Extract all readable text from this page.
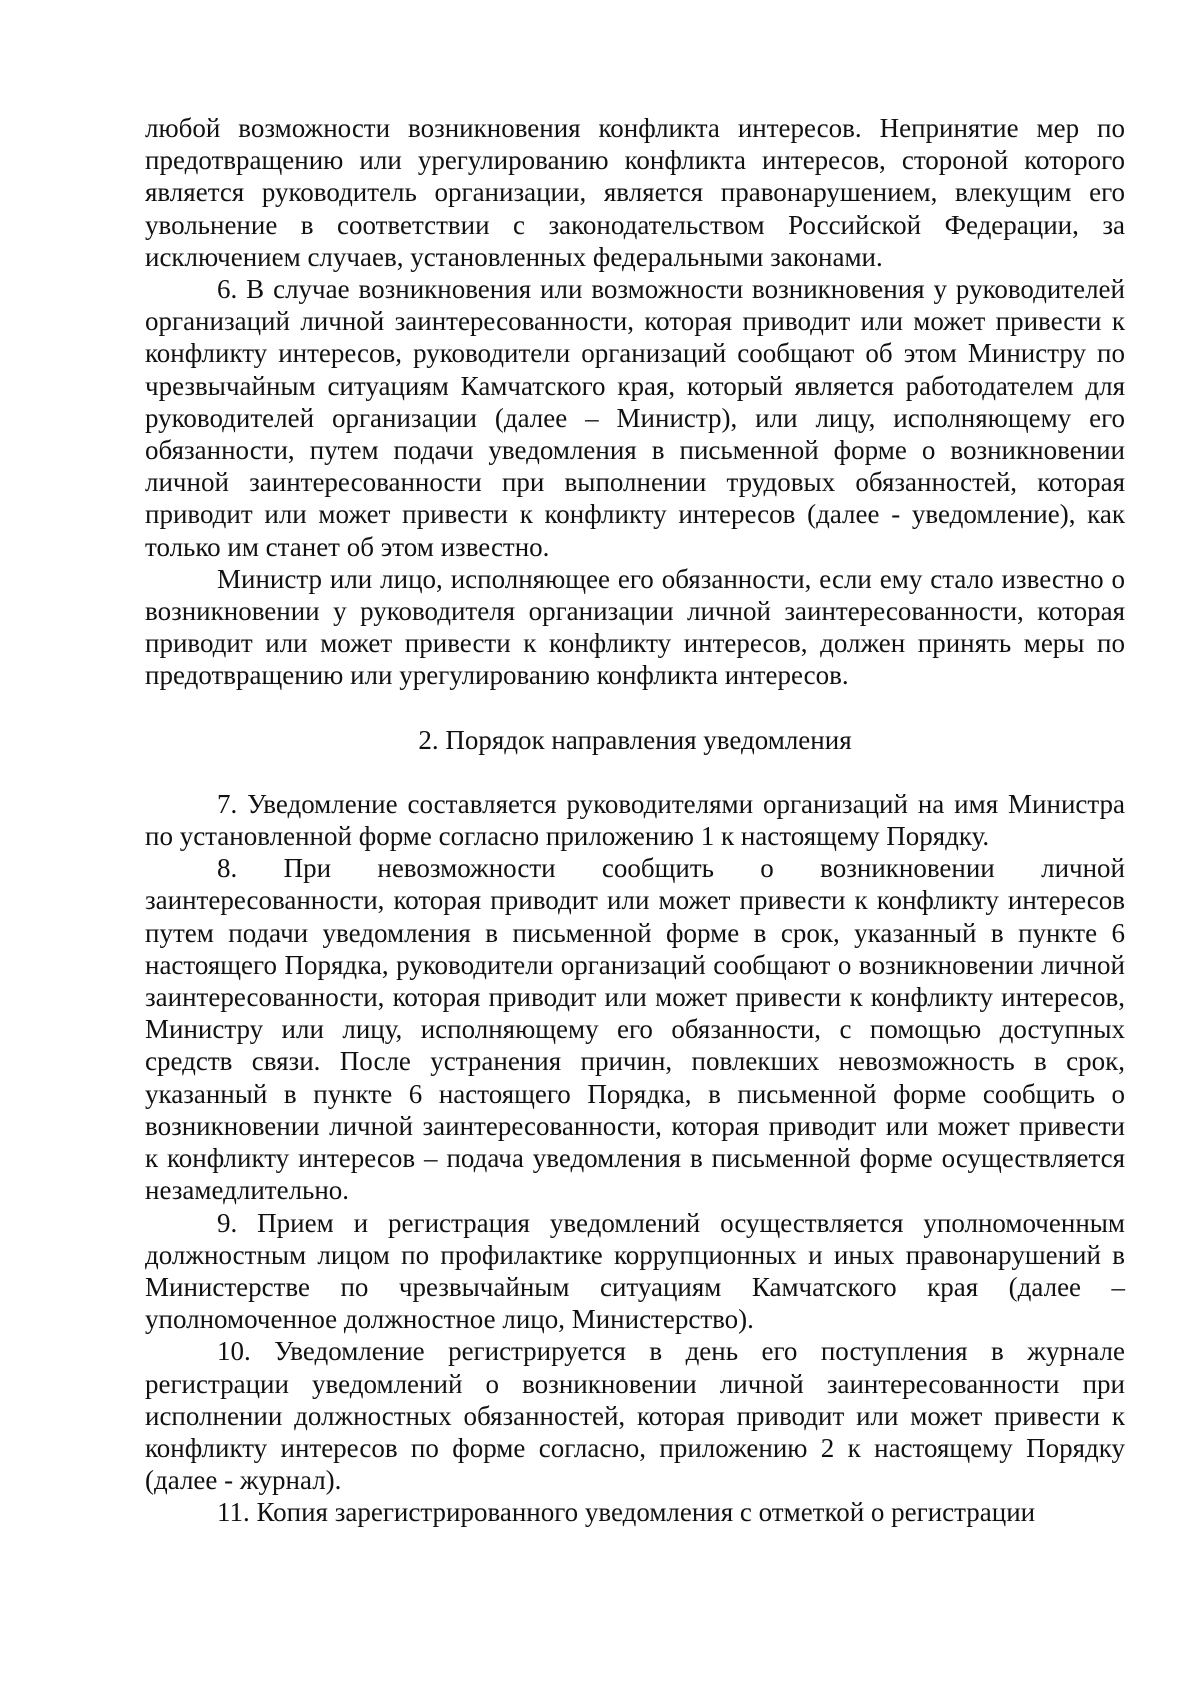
любой возможности возникновения конфликта интересов. Непринятие мер по предотвращению или урегулированию конфликта интересов, стороной которого является руководитель организации, является правонарушением, влекущим его увольнение в соответствии с законодательством Российской Федерации, за исключением случаев, установленных федеральными законами.

6. В случае возникновения или возможности возникновения у руководителей организаций личной заинтересованности, которая приводит или может привести к конфликту интересов, руководители организаций сообщают об этом Министру по чрезвычайным ситуациям Камчатского края, который является работодателем для руководителей организации (далее – Министр), или лицу, исполняющему его обязанности, путем подачи уведомления в письменной форме о возникновении личной заинтересованности при выполнении трудовых обязанностей, которая приводит или может привести к конфликту интересов (далее - уведомление), как только им станет об этом известно.

Министр или лицо, исполняющее его обязанности, если ему стало известно о возникновении у руководителя организации личной заинтересованности, которая приводит или может привести к конфликту интересов, должен принять меры по предотвращению или урегулированию конфликта интересов.

2. Порядок направления уведомления

7. Уведомление составляется руководителями организаций на имя Министра по установленной форме согласно приложению 1 к настоящему Порядку.

8. При невозможности сообщить о возникновении личной заинтересованности, которая приводит или может привести к конфликту интересов путем подачи уведомления в письменной форме в срок, указанный в пункте 6 настоящего Порядка, руководители организаций сообщают о возникновении личной заинтересованности, которая приводит или может привести к конфликту интересов, Министру или лицу, исполняющему его обязанности, с помощью доступных средств связи. После устранения причин, повлекших невозможность в срок, указанный в пункте 6 настоящего Порядка, в письменной форме сообщить о возникновении личной заинтересованности, которая приводит или может привести к конфликту интересов – подача уведомления в письменной форме осуществляется незамедлительно.

9. Прием и регистрация уведомлений осуществляется уполномоченным должностным лицом по профилактике коррупционных и иных правонарушений в Министерстве по чрезвычайным ситуациям Камчатского края (далее – уполномоченное должностное лицо, Министерство).

10. Уведомление регистрируется в день его поступления в журнале регистрации уведомлений о возникновении личной заинтересованности при исполнении должностных обязанностей, которая приводит или может привести к конфликту интересов по форме согласно, приложению 2 к настоящему Порядку (далее - журнал).

11. Копия зарегистрированного уведомления с отметкой о регистрации
